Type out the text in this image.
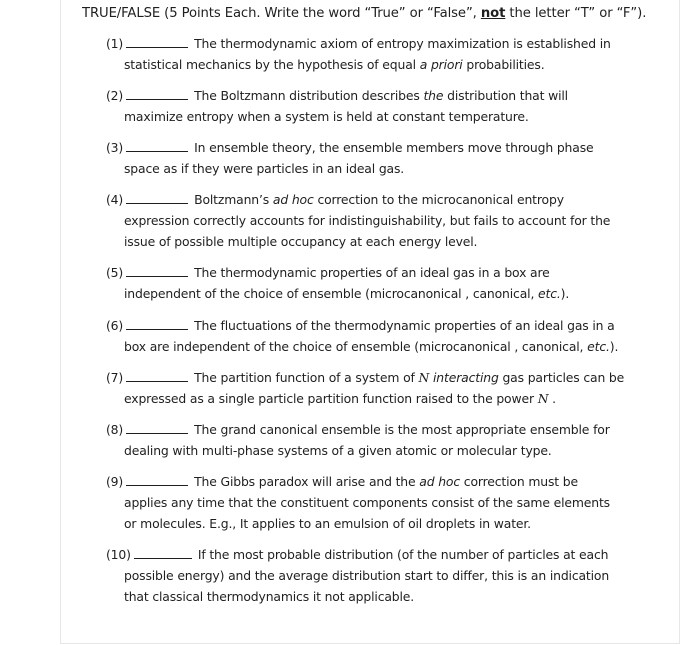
TRUE/FALSE (5 Points Each. Write the word “True” or “False”, not the letter “T” or “F”).
(1)	The thermodynamic axiom of entropy maximization is established in
statistical mechanics by the hypothesis of equal a priori probabilities.
(2)	The Boltzmann distribution describes the distribution that will
maximize entropy when a system is held at constant temperature.
(3)	In ensemble theory, the ensemble members move through phase
space as if they were particles in an ideal gas.
(4)	Boltzmann’s ad hoc correction to the microcanonical entropy
expression correctly accounts for indistinguishability, but fails to account for the
issue of possible multiple occupancy at each energy level.
(5)	The thermodynamic properties of an ideal gas in a box are
independent of the choice of ensemble (microcanonical , canonical, etc.).
(6)	The fluctuations of the thermodynamic properties of an ideal gas in a
box are independent of the choice of ensemble (microcanonical , canonical, etc.).
(7)	The partition function of a system of N interacting gas particles can be
expressed as a single particle partition function raised to the power N .
(8)	The grand canonical ensemble is the most appropriate ensemble for
dealing with multi-phase systems of a given atomic or molecular type.
(9)	The Gibbs paradox will arise and the ad hoc correction must be
applies any time that the constituent components consist of the same elements
or molecules. E.g., It applies to an emulsion of oil droplets in water.
(10)	If the most probable distribution (of the number of particles at each
possible energy) and the average distribution start to differ, this is an indication
that classical thermodynamics it not applicable.
